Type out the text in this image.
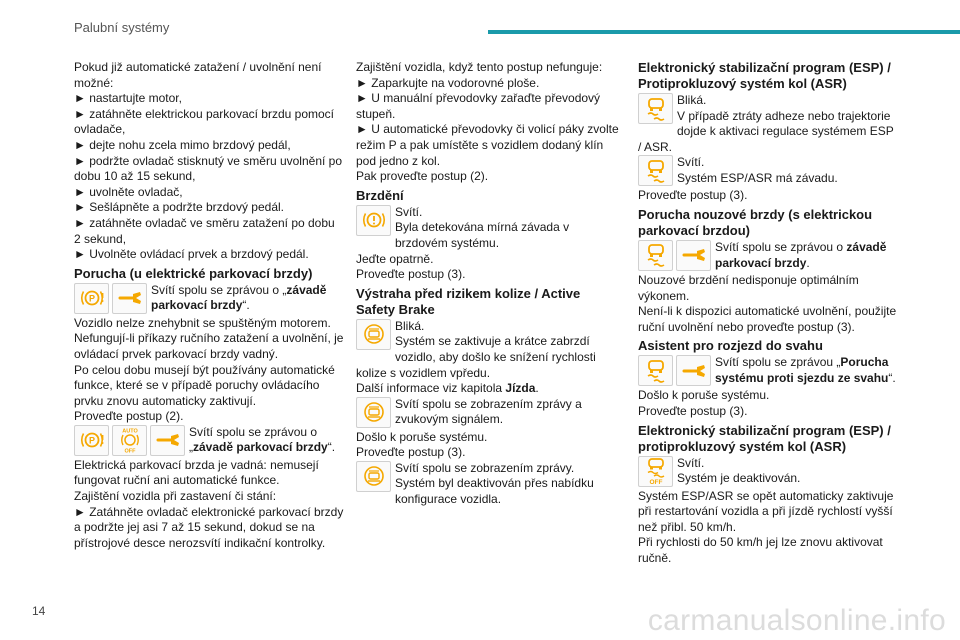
Palubní systémy

Pokud již automatické zatažení / uvolnění není možné:

► nastartujte motor,

► zatáhněte elektrickou parkovací brzdu pomocí ovladače,

► dejte nohu zcela mimo brzdový pedál,

► podržte ovladač stisknutý ve směru uvolnění po dobu 10 až 15 sekund,

► uvolněte ovladač,

► Sešlápněte a podržte brzdový pedál.

► zatáhněte ovladač ve směru zatažení po dobu 2 sekund,

► Uvolněte ovládací prvek a brzdový pedál.

Porucha (u elektrické parkovací brzdy)
P
Svítí spolu se zprávou o „závadě parkovací brzdy“.

Vozidlo nelze znehybnit se spuštěným motorem.

Nefungují-li příkazy ručního zatažení a uvolnění, je ovládací prvek parkovací brzdy vadný.

Po celou dobu musejí být používány automatické funkce, které se v případě poruchy ovládacího prvku znovu automaticky zaktivují.

Proveďte postup (2).

P
AUTO
OFF
Svítí spolu se zprávou o „závadě parkovací brzdy“.

Elektrická parkovací brzda je vadná: nemusejí fungovat ruční ani automatické funkce.

Zajištění vozidla při zastavení či stání:

► Zatáhněte ovladač elektronické parkovací brzdy a podržte jej asi 7 až 15 sekund, dokud se na přístrojové desce nerozsvítí indikační kontrolky.

Zajištění vozidla, když tento postup nefunguje:

► Zaparkujte na vodorovné ploše.

► U manuální převodovky zařaďte převodový stupeň.

► U automatické převodovky či volicí páky zvolte režim P a pak umístěte s vozidlem dodaný klín pod jedno z kol.

Pak proveďte postup (2).

Brzdění

Svítí.

Byla detekována mírná závada v brzdovém systému.

Jeďte opatrně.

Proveďte postup (3).

Výstraha před rizikem kolize / Active Safety Brake

Bliká.

Systém se zaktivuje a krátce zabrzdí vozidlo, aby došlo ke snížení rychlosti kolize s vozidlem vpředu.

Další informace viz kapitola Jízda.

Svítí spolu se zobrazením zprávy a zvukovým signálem.

Došlo k poruše systému.

Proveďte postup (3).

Svítí spolu se zobrazením zprávy.

Systém byl deaktivován přes nabídku konfigurace vozidla.

Elektronický stabilizační program (ESP) / Protiprokluzový systém kol (ASR)

Bliká.

V případě ztráty adheze nebo trajektorie dojde k aktivaci regulace systémem ESP / ASR.

Svítí.

Systém ESP/ASR má závadu.

Proveďte postup (3).

Porucha nouzové brzdy (s elektrickou parkovací brzdou)
Svítí spolu se zprávou o závadě parkovací brzdy.

Nouzové brzdění nedisponuje optimálním výkonem.

Není-li k dispozici automatické uvolnění, použijte ruční uvolnění nebo proveďte postup (3).

Asistent pro rozjezd do svahu
Svítí spolu se zprávou „Porucha systému proti sjezdu ze svahu“.

Došlo k poruše systému.

Proveďte postup (3).

Elektronický stabilizační program (ESP) / protiprokluzový systém kol (ASR)
OFF

Svítí.

Systém je deaktivován.

Systém ESP/ASR se opět automaticky zaktivuje při restartování vozidla a při jízdě rychlostí vyšší než přibl. 50 km/h.

Při rychlosti do 50 km/h jej lze znovu aktivovat ručně.

14	carmanualsonline.info
